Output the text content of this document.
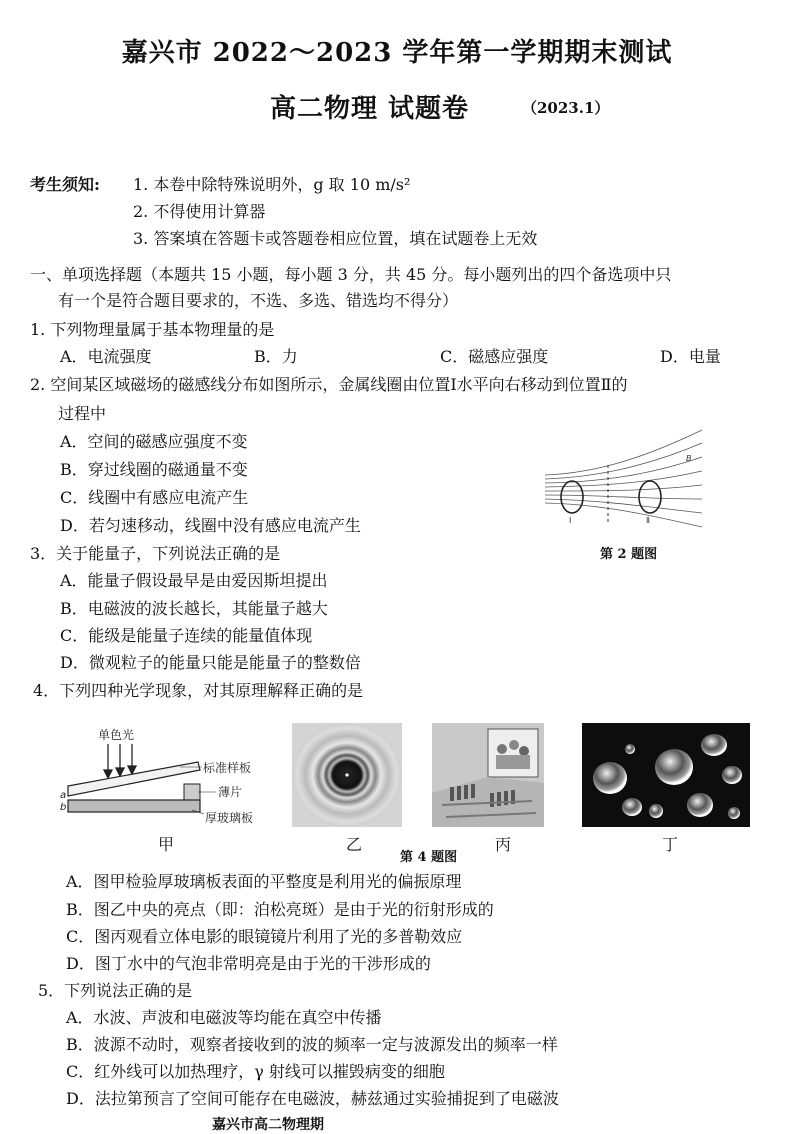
嘉兴市 2022～2023 学年第一学期期末测试
高二物理 试题卷	（2023.1）
考生须知: 1. 本卷中除特殊说明外，g 取 10 m/s²
2. 不得使用计算器
3. 答案填在答题卡或答题卷相应位置，填在试题卷上无效
一、单项选择题（本题共 15 小题，每小题 3 分，共 45 分。每小题列出的四个备选项中只
有一个是符合题目要求的，不选、多选、错选均不得分）
1. 下列物理量属于基本物理量的是
A．电流强度	B．力	C．磁感应强度	D．电量
2. 空间某区域磁场的磁感线分布如图所示，金属线圈由位置Ⅰ水平向右移动到位置Ⅱ的
过程中
A．空间的磁感应强度不变
B．穿过线圈的磁通量不变
C．线圈中有感应电流产生
D．若匀速移动，线圈中没有感应电流产生
B
Ⅰ	Ⅱ
第 2 题图
3．关于能量子，下列说法正确的是
A．能量子假设最早是由爱因斯坦提出
B．电磁波的波长越长，其能量子越大
C．能级是能量子连续的能量值体现
D．微观粒子的能量只能是能量子的整数倍
4．下列四种光学现象，对其原理解释正确的是
单色光
标准样板
薄片
厚玻璃板
a
b
甲	乙	丙	丁
第 4 题图
A．图甲检验厚玻璃板表面的平整度是利用光的偏振原理
B．图乙中央的亮点（即：泊松亮斑）是由于光的衍射形成的
C．图丙观看立体电影的眼镜镜片利用了光的多普勒效应
D．图丁水中的气泡非常明亮是由于光的干涉形成的
5．下列说法正确的是
A．水波、声波和电磁波等均能在真空中传播
B．波源不动时，观察者接收到的波的频率一定与波源发出的频率一样
C．红外线可以加热理疗，γ 射线可以摧毁病变的细胞
D．法拉第预言了空间可能存在电磁波，赫兹通过实验捕捉到了电磁波
嘉兴市高二物理期
